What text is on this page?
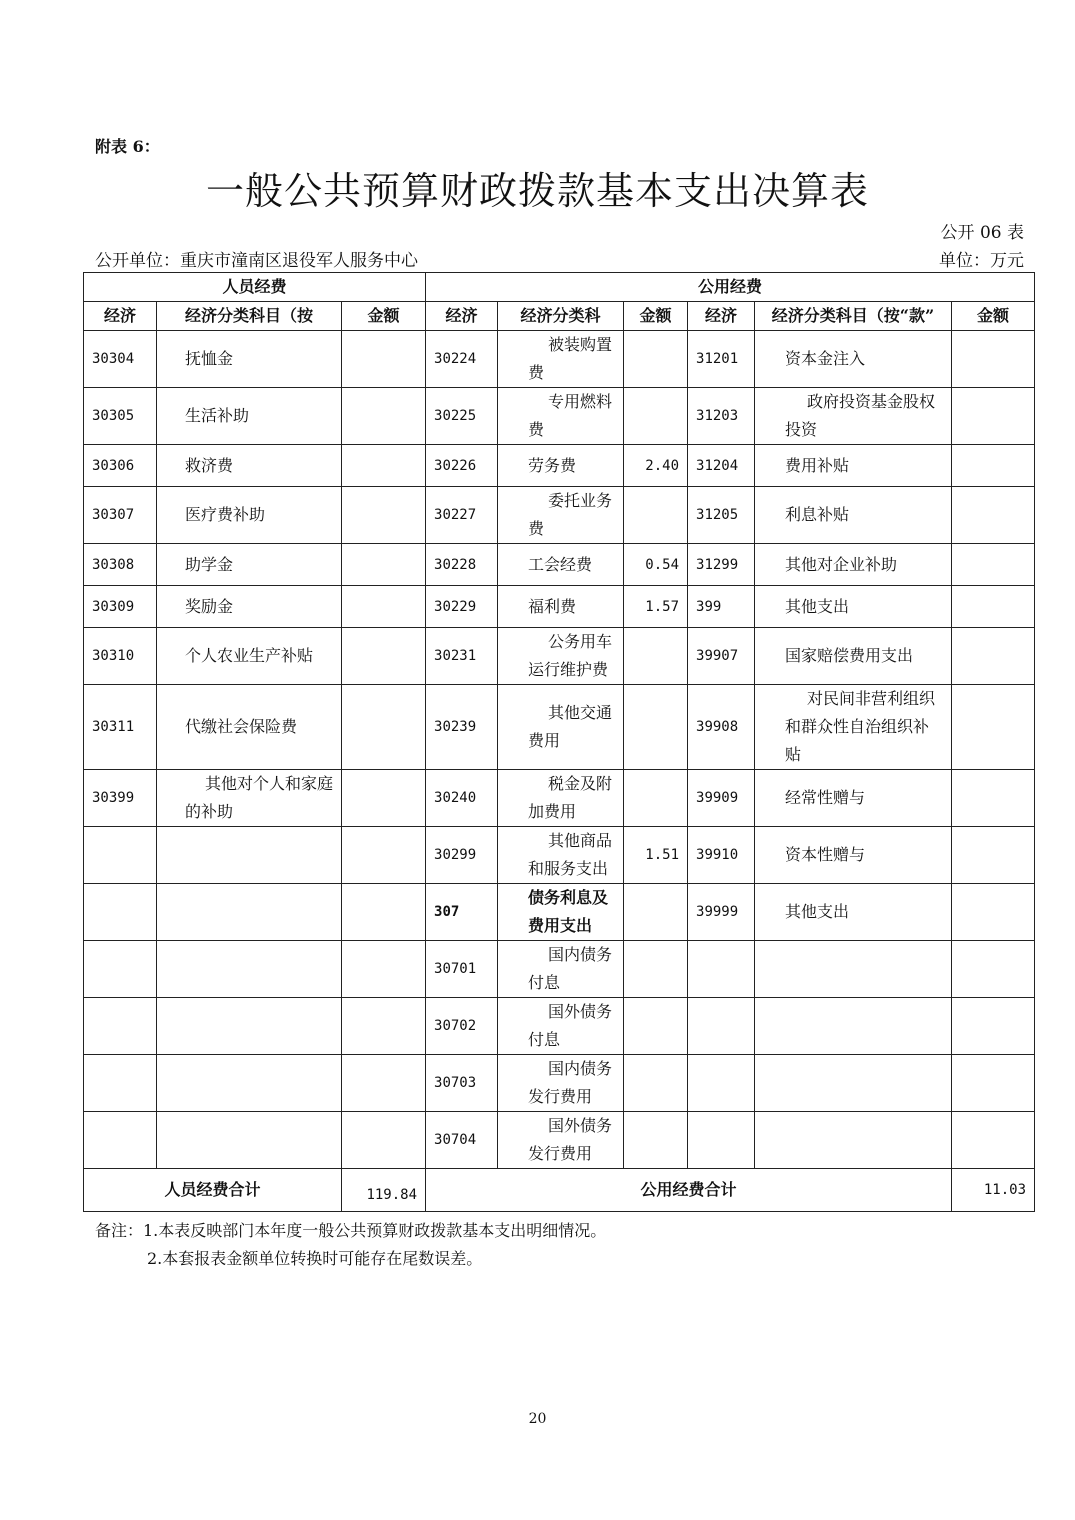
附表 6：
一般公共预算财政拨款基本支出决算表
公开 06 表
公开单位：重庆市潼南区退役军人服务中心	单位：万元
人员经费			公用经费					
经济	经济分类科目（按	金额	经济	经济分类科	金额	经济	经济分类科目（按“款”	金额
30304	抚恤金		30224	被装购置费		31201	资本金注入	
30305	生活补助		30225	专用燃料费		31203	政府投资基金股权投资	
30306	救济费		30226	劳务费	2.40	31204	费用补贴	
30307	医疗费补助		30227	委托业务费		31205	利息补贴	
30308	助学金		30228	工会经费	0.54	31299	其他对企业补助	
30309	奖励金		30229	福利费	1.57	399	其他支出	
30310	个人农业生产补贴		30231	公务用车运行维护费		39907	国家赔偿费用支出	
30311	代缴社会保险费		30239	其他交通费用		39908	对民间非营利组织和群众性自治组织补贴	
30399	其他对个人和家庭的补助		30240	税金及附加费用		39909	经常性赠与	
			30299	其他商品和服务支出	1.51	39910	资本性赠与	
			307	债务利息及费用支出		39999	其他支出	
			30701	国内债务付息				
			30702	国外债务付息				
			30703	国内债务发行费用				
			30704	国外债务发行费用				
人员经费合计		119.84	公用经费合计					11.03
备注：1.本表反映部门本年度一般公共预算财政拨款基本支出明细情况。
2.本套报表金额单位转换时可能存在尾数误差。
20
